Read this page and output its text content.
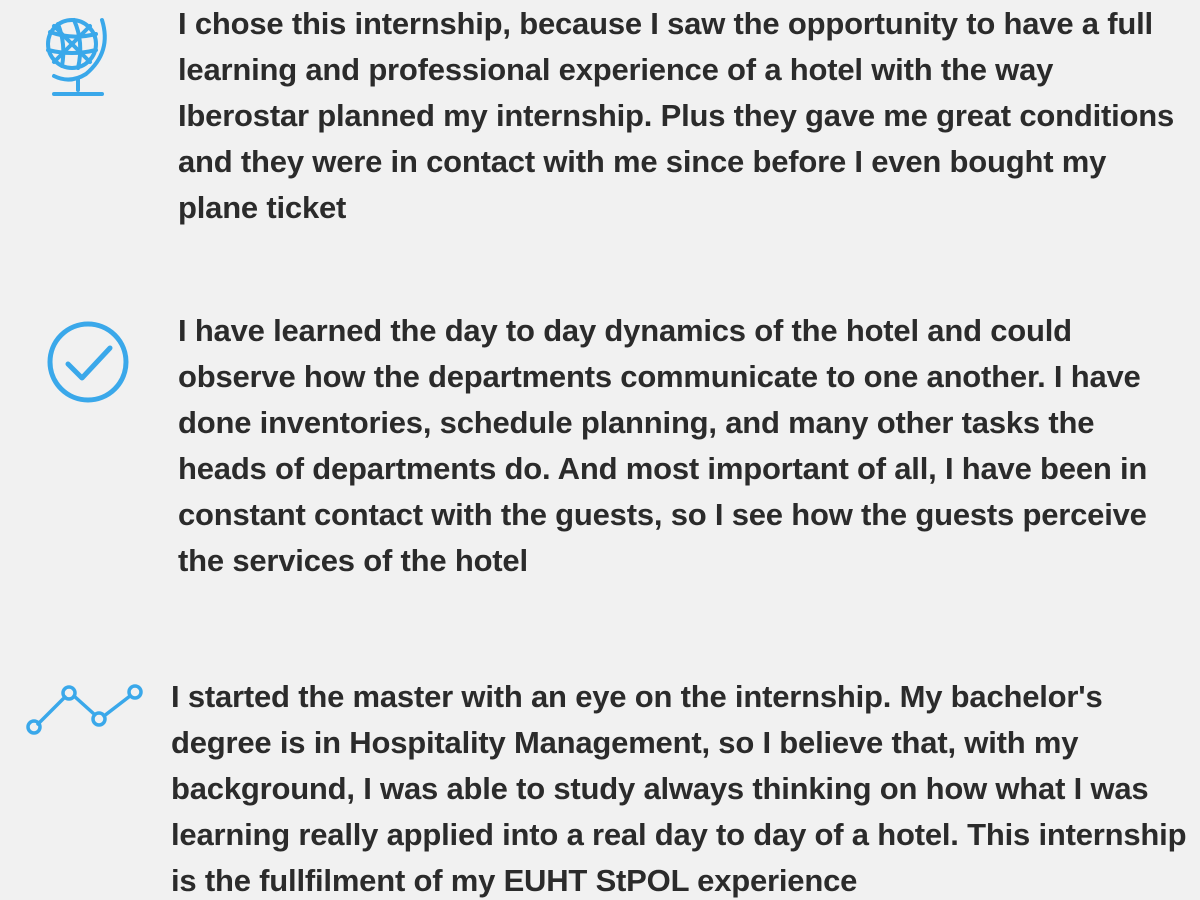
I chose this internship, because I saw the opportunity to have a full learning and professional experience of a hotel with the way Iberostar planned my internship. Plus they gave me great conditions and they were in contact with me since before I even bought my plane ticket

I have learned the day to day dynamics of the hotel and could observe how the departments communicate to one another. I have done inventories, schedule planning, and many other tasks the heads of departments do. And most important of all, I have been in constant contact with the guests, so I see how the guests perceive the services of the hotel

I started the master with an eye on the internship. My bachelor's degree is in Hospitality Management, so I believe that, with my background, I was able to study always thinking on how what I was learning really applied into a real day to day of a hotel. This internship is the fullfilment of my EUHT StPOL experience
